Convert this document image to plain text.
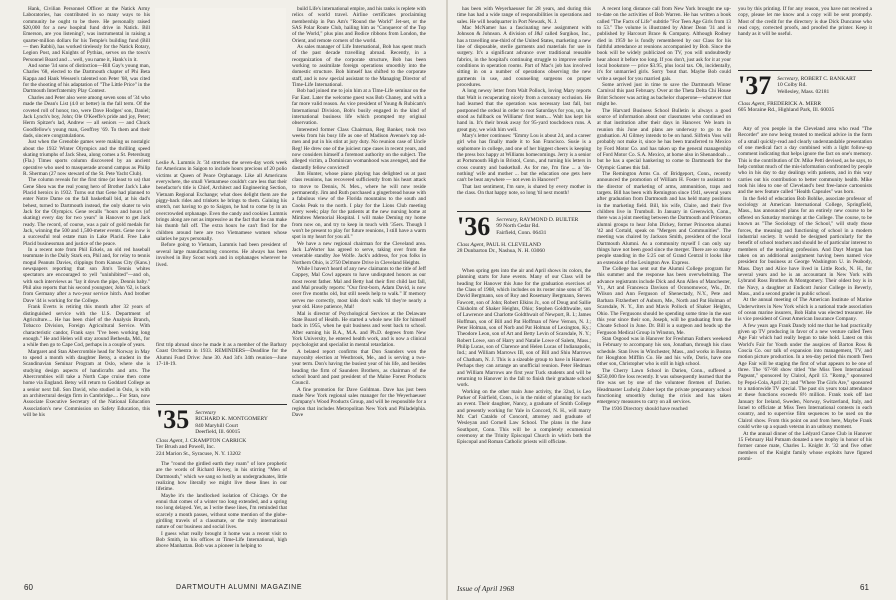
Hank, Civilian Personnel Officer at the Natick Army Laboratories, has contributed in so many ways to his community he ought to be there. He personally raised $20,000 for a new hospital fund drive in Natick. Bill Emerson, are you listening?, was instrumental in raising a quarter-million dollars for his Temple's building fund (Bill — then Rabbi), has worked tirelessly for the Natick Rotary, Legion Post, and Knights of Pythias, serves on the town's Personnel Board and ... well, you name it, Hank's in it.

And some '34 sons of distinction—Bill Gay's young man, Charles '68, elected to the Dartmouth chapter of Phi Beta Kappa and Hank Wessen's talented son Peter '68, was cited for the shooting of his adaptation of "The Little Price" in the Dartmouth Interfraternity Play Contest.

Charles and Peter also were among seven sons of '34 who made the Dean's List (4.0 or better) in the fall term. Of the coveted roll of honor, too, were Dave Hodges' son, Daniel; Jack Lynch's boy, John; Ole O'Keeffe's pride and joy, Peter; Herm Spitzer's lad, Andrew — all seniors — and Chuck Goodfellow's young man, Geoffrey '69. To them and their dads, sincere congratulations.

Just when the Grenoble games were making us nostalgic about the 1932 Winter Olympics and the thrilling speed skating triumphs of Jack Shea, along comes a St. Petersburg (Fla.) Times sports column discovered by an ancient operative who used to masquerade around campus as Philip R. Sherman (27 now steward of the St. Pete Yacht Club).

The column reveals for the first time (at least to us) that Gene Shea was the real young hero of Brother Jack's Lake Placid heroics in 1932. Turns out that Gene had planned to enter Notre Dame on the fall basketball bid, at his dad's behest, turned to Dartmouth instead, the only skater to win Jack for the Olympics. Gene recalls "hours and hours (of skating) every day for two years" in Hanover to get Jack ready. The record, of course, was a pair of gold medals for Jack, winning the 500 and 1,500-meter events. Gene now is a successful real estate man in Lake Placid. Free Lake Placid businessman and justice of the peace.

In a recent note from Phil Eckels, an old red baseball teammate in the Daily Stark era, Phil and, for relay to tennis mogul Peanuts Davies, clippings from Kansas City (Kans.) newspapers reporting that son Jim's Tennis whites spectators are encouraged to yell "uninhibited"—and oh, with such interviews as "lay it down the pipe, Dennis baby." Phil also reports that his second youngster, John '62, is back from Germany after a two-year service hitch. And brother Dave '44 is working for the College.

Frank Everts is retiring this month after 32 years of distinguished service with the U.S. Department of Agriculture.... He has been chief of the Analysis Branch, Tobacco Division, Foreign Agricultural Service. With characteristic candor, Frank says "I've been working long enough." He and Helen will stay around Bethesda, Md., for a while then go to Cape Cod, perhaps in a couple of years.

Margaret and Stan Abercrombie head for Norway in May to spend a month with daughter Betsy, a student in the Scandinavian Seminar Program at Oslo, where she is studying design aspects of handicrafts and arts. The Abercrombies will take a North Cape cruise then come home via England. Betsy will return to Goddard College as a senior next fall. Son David, who studied in Oslo, is with an architectural design firm in Cambridge.... For Stan, now Associate Executive Secretary of the National Education Association's new Commission on Safety Education, this will be his

Leslie A. Lummis Jr. '34 stretches the seven-day work week for Americans in Saigon to include hours precious of 20 polio victims at Queen of Peace Orphanage. Like all Americans everywhere, the small Vietnamese couldn't care less that their benefactor's title is Chief, Architect and Engineering Section, Vietnam Regional Exchange; what does delight them are the piggy-back rides and trinkets he brings to them. Gaining his stretch, not having to go to Saigon, he had to come by in an overcrowded orphanage. Even the candy and cookies Lummis brings along are not as impressive as the fact that he can make his thumb fall off. The extra hours he can't find for the children around here are two Vietnamese women whose salaries he pays personally.

Before going to Vietnam, Lummis had been president of several large manufacturing concerns. He always has been involved in Boy Scout work and in orphanages wherever he lived.

first trip abroad since he made it as a member of the Barbary Coast Orchestra in 1933. REMINDERS—Deadline for the Alumni Fund Drive: June 30. And 34's 34th reunion—June 17-18-19.

'35 Secretary
RICHARD K. MONTGOMERY
840 Maryhill Court
Deerfield, Ill. 60015
Class Agent, J. CRAMPTON CARRICK
Ter Brush and Powell, Inc.
224 Marion St., Syracuse, N. Y. 13202

The "round the girdled earth they roam" of lore prophetic are the words of Richard Hovey, in his stirring "Men of Dartmouth," which we sang so lustily as undergraduates, little realizing how literally we might live these lines in our lifetime.

Maybe it's the landlocked isolation of Chicago. Or the ennui that comes of a winter too long extended, and a spring too long delayed. Yet, as I write these lines, I'm reminded that scarcely a month passes, without some mention of the globe-girdling travels of a classmate, or the truly international nature of our business and social lives.

I guess what really brought it home was a recent visit to Bob Smith, in his offices at Time-Life International, high above Manhattan. Bob was a pioneer in helping to

build Life's international empire, and his ranks is replete with relics of world travel. Airline certificates proclaiming membership in Pan Am's "Round the World" Jet-set, or the SAS Polar Route Club, hailing him as "Conqueror of the Top of the World," plus pins and Bodice ribbons from London, the Orient, and remote corners of the world.

As sales manager of Life International, Bob has spent much of the past decade travelling abroad. Recently, in a reorganization of the corporate structure, Bob has been working to assimilate foreign operations smoothly into the domestic structure. Bob himself has shifted to the corporate staff, and is now special assistant to the Managing Director of Time-Life International.

Bob had joined me to join him at a Time-Life seminar on the Far East. Later the welcome guest was Bob Chaney, and with a far more valid reason. As vice president of Young & Rubicam's International Division, Bob's busily engaged in the kind of international business life which prompted my original observation.

Interested former Class Chairman, Reg Banker, took two weeks from his busy life as one of Madison Avenue's top ad-men and put in his stint at jury duty. No reunion case of Uncle Reg! He drew one of the juiciest rape cases in recent years, and now considers himself a foremost authority on the subject. The alleged victim, a Dominican womanhood was avenged, and the dastardly fellow convicted!

Jim Hunter, whose piano playing has delighted us at past class reunions, has recovered sufficiently from his heart attack to move to Dennis, N. Mex., where he will now reside permanently. Jim and Ruth purchased a gingerbread house with a fabulous view of the Florida mountains to the south and Cooks Peak to the north. I play for the Lions Club meeting every week; play for the patients at the new nursing home at Mimbres Memorial Hospital. I will make Deming my home from now on, and try to keep in touch with '35ers. Though I won't be present to play for future reunions, I still have a warm spot in my heart for you all."

We have a new regional chairman for the Cleveland area. Jack LaWorter has agreed to serve, taking over from the venerable standby Joe Wolfe. Jack's address, for you folks in Northern Ohio, is 2750 Delmore Drive in Cleveland Heights.

While I haven't heard of any new claimants to the title of Jeff Coppey, Mal Cowl appears to have undisputed honors as our most recent father. Mal and Betty had their first child last fall, and Mal proudly reports: "Our first-born, Adam David, is now over five months old, but still needs help to walk." If memory serves me correctly, most kids don't walk 'til they're nearly a year old. Have patience, Mal!

Mal is director of Psychological Services at the Delaware State Board of Health. He started a whole new life for himself back in 1955, when he quit business and went back to school. After earning his B.A., M.A. and Ph.D. degrees from New York University, he entered health work, and is now a clinical psychologist and specialist in mental retardation.

A belated report confirms that Don Saunders won the mayoralty election at Westbrook, Me., and is serving a two-year term. Don's having the busiest year of his life, and besides heading the firm of Saunders Brothers, as chairman of the school board and past president of the Maine Forest Products Council.

A fine promotion for Dave Goldman. Dave has just been made New York regional sales manager for the Weyerhaeuser Company's Wood Products Group, and will be responsible for a region that includes Metropolitan New York and Philadelphia. Dave

60	DARTMOUTH ALUMNI MAGAZINE

has been with Weyerhaeuser for 28 years, and during this time has had a wide range of responsibilities in operations and sales. He will headquarter in Port Newark, N. J.

Mac McNamer has a fascinating new assignment with Johnson & Johnson. A division of J&J called Surgikos, Inc., has a travelling one-third of the United States, marketing a new line of disposable, sterile garments and materials for use in surgery. It's a significant advance over traditional reusable fabrics, in the hospital's continuing struggle to improve sterile conditions in operation rooms. Part of Mac's job has involved sitting in on a number of operations observing the new garments in use, and counseling surgeons on proper procedures.

A long newsy letter from Walt Pollock, loving Mary reports that Walt is recuperating nicely from a coronary occlusion. He had learned that the operation was necessary last fall, but postponed the ordeal in order to root Saturdays for you, urn, he stood as fullback on Williams' first team.... Walt has kept his hand in. It's their break away for 95-yard touchdown runs. A great guy, we wish him well.

Mary's letter continues: "Emmy Lou is about 24, and a career girl who has finally made it to San Francisco. Susie is a sophomore in college, and one of her biggest cheers is keeping the press box happy at Williams homecomings. Jerry is a senior at Portsmouth High in Bristol, Conn., and turning his letters in cross country and basketball. As for me, I'm fine ... a 'do-nothing' wife and mother ... but the education one gets here can't be beat anywhere — not even in Hanover!"

That last sentiment, I'm sure, is shared by every mother in the class. On that happy note, so long 'til next month!

'36 Secretary, RAYMOND D. BUILTER
99 North Cedar Rd.
Fairfield, Conn. 06431
Class Agent, PAUL H. CLEVELAND
28 Dunbarton Dr., Nashua, N. H. 03060

When spring gets into the air and April shows its colors, the planning starts for June events. Many of our Class will be heading for Hanover this June for the graduation exercises of the Class of 1968, which includes on its roster nine sons of '36. David Bergmann, son of Roy and Rosemary Bergmann, Steven Fawcett, son of John; Robert Elkins Jr., son of Doug and Sallie Chisholm of Shaker Heights, Ohio; Stephen Goldthwaite, son of Lawrence and Charlotte Goldthwait of Newport, R. I.; James Hoffman, son of Bill and Pat Hoffman of New Vernon, N. J.; Peter Holman, son of Norb and Pat Holman of Lexington, Ky.; Theodore Leon, son of Art and Betty Levin of Scarsdale, N. Y.; Robert Lowe, son of Harry and Natalie Lowe of Salem, Mass.; Philip Lucas, son of Clarence and Helen Lucas of Indianapolis, Ind.; and William Marrows III, son of Bill and Shiu Marrows of Chatham, N. J. This is a sizeable group to have in Hanover. Perhaps they can arrange an unofficial reunion. Peter Hedman and William Marrows are first year Tuck students and will be returning to Hanover in the fall to finish their graduate school work.

Working on the other main June activity, the 32nd, is Leo Parker of Fairfield, Conn., is in the midst of planning for such an event. Their daughter, Nancy, a graduate of Smith College and presently working for Yale in Concord, N. H., will marry Mr. Carl Cataldo of Concord, attorney and graduate of Wesleyan and Cornell Law School. The plans in the June Southport, Conn. This will be a completely ecumenical ceremony at the Trinity Episcopal Church in which both the Episcopal and Roman Catholic priests will officiate.

A recent long distance call from New York brought me up-to-date on the activities of Bob Warren. He has written a book called "The Facts of Life" subtitle "For Teen Age Girls from 13 to 53." The volume is illustrated by Abner Dean '31 and is published by Harcourt Brace & Company. Although Rodney died in 1959 he is fondly remembered by our Class for his faithful attendance at reunions accompanied by Bob. Since the book will be widely publicized on TV, you will undoubtedly hear about it before too long. If you don't, just ask for it at your local bookstore — price $3.95, plus local tax. Oh, incidentally, it's for unmarried girls. Sorry 'bout that. Maybe Bob could write a sequel for you married gals.

Some arrived just in time to save the Dartmouth Winter Carnival this past February. Over at the Theta Delta Chi House Brint Schorer was acting as bachelor chaperone—whatever that might be.

The Harvard Business School Bulletin is always a good source of information about our classmates who continued on at that institution after their days in Hanover. We learn in reunion this June and plans are underway to go to the graduation. Al Gilmey intends to be on hand. Silfrein Voss will probably not make it, since he has been transferred to Mexico by Ford Motor Co. and has taken up the general managership of Ford Motor Co. S.A. Mexico, at home also in Shenandoah ... but he has a special hankering to come to Dartmouth for the Olympic Games this fall.

The Remington Arms Co. of Bridgeport, Conn., recently announced the promotion of William H. Foster to assistant to the director of marketing of arms, ammunition, traps and targets. Bill has been with Remington since 1941, several years after graduation from Dartmouth and has held many positions in the marketing field. Bill, his wife, Claire, and their five children live in Trumbull. In January in Greenwich, Conn., there was a joint meeting between the Dartmouth and Princeton alumni groups to hear John Dickey, former Princeton alumni '42 and Cortald, speak on "Mergers and Communities". The meeting was chaired by Jackson Smith, president of the local Dartmouth Alumni. As a community myself I can only say things have not been good since the merger. There are so many people standing in the 5:25 out of Grand Central it looks like an extension of the Lexington Ave. Express.

The College has sent out the Alumni College program for this summer and the response has been overwhelming. The advance registrants include Dick and Ann Allen of Manchester, Vt., Art and Francesca Davison of Oconomowoc, Wis., Dr. Wilson and Ann Ferguson of Shenectady, N.Y., Pete and Barbara Fitzherbert of Auburn, Me., North and Pat Holman of Scarsdale, N. Y., Jim and Mavis Pollock of Shaker Heights, Ohio. The Fergusons should be spending some time in the east this year since their son, Joseph, will be graduating from the Choate School in June. Dr. Bill is a surgeon and heads up the Ferguson Medical Group in Winston, Me.

Stan Osgood was in Hanover for Freshman Fathers weekend in February to accompany his son, Jonathan, through his class schedule. Stan lives in Winchester, Mass., and works in Boston for Houghton Mifflin Co. He and his wife, Doris, have one other son, Christopher who is still in high school.

The Cherry Lawn School in Darien, Conn., suffered a $250,000 fire loss recently. It was subsequently learned that the fire was set by one of the volunteer firemen of Darien. Headmaster Ludwig Zuber kept the private preparatory school functioning smoothly during the crisis and has taken emergency measures to carry on all services.

The 1936 Directory should have reached

you by this printing. If for any reason, you have not received a copy, please let me know and a copy will be sent promptly. Most of the credit for the directory is due Dick Duncanse who read copy, corrected proofs, and proofed the printer. Keep it handy as it will be useful.

'37 Secretary, ROBERT C. BANKART
10 Colby Rd.
Wellesley, Mass. 02181
Class Agent, FREDERICK A. MERR
605 Moraine Rd., Highland Park, Ill. 60035

Any of you people in the Cleveland area who read "The Recorder" are now being treated to medical advice in the form of a small quickly-read and clearly understandable presentation of one medical fact a day combined with a light follow-up comment indicating that helps ignore the fact on one's memory. This is the contribution of Dr. Mike Petti devised, as he says, to help combat much of the mis-information confronted by people who in his day to day dealings with patients, and in this way carries out his contribution to better community health. Mike took his idea to one of Cleveland's best free-lance cartoonists and the new feature called "Health Capsules" was born.

In the field of education Bob Bohlke, associate professor of sociology at American International College, Springfield, Mass., has announced plans for an entirely new course to be offered on Saturday mornings at the College. The course, to be known as "The Sociology of the School," will study those forces, the meaning and functioning of school in a modern industrial society. It would be designed particularly for the benefit of school teachers and should be of particular interest to members of the teaching profession. And Dayt Morgan has taken on an additional assignment having been named vice president for business at George Washington U. in Peabody, Mass. Dayt and Alice have lived in Little Rock, N. H., for several years and he is an accountant in New York with Lybrand Ross Brothers & Montgomery. Their oldest boy is in the Navy, a daughter at Endicott Junior College in Beverly, Mass., and a second grader in public school.

At the annual meeting of The American Institute of Marine Underwriters in New York which is a national trade association of ocean marine insurers, Bob Hahn was elected treasurer. He is vice president of Great American Insurance Company.

A few years ago Frank Dandy told me that he had practically given up TV producing in favor of a new venture called Teen Age Fair which had really begun to take hold. Latest on this World's Fair for Youth under the auspices of Barton Ross & Coscia Co. our talk of expansion into management, TV, and motion picture production. In a ten-day period this month Teen Age Fair will be staging the first of what appears to be one of three. The '67-'68 show titled "the Miss Teen International Pageant," sponsored by Clairol, April 13. "Romp," sponsored by Pepsi-Cola, April 21; and "Where The Girls Are," sponsored to a nationwide TV special. The past six years total attendance at these functions exceeds 8½ million. Frank took off last January for Ireland, Sweden, Norway, Switzerland, Italy, and Israel to officiate at Miss Teen International contests in each country, and to supervise film sequences to be used on the Clairol show. From this point on and from here, Maybe Frank could write up a squash veteran in an unbusy moment.

At the annual dinner of the Lédyard Canoe Club in Hanover 15 February Hal Putnam donated a new trophy in honor of his former canoe mate, Charles L. Knight Jr. '32 and five other members of the Knight family whose exploits have figured promi-

Issue of April 1968	61
